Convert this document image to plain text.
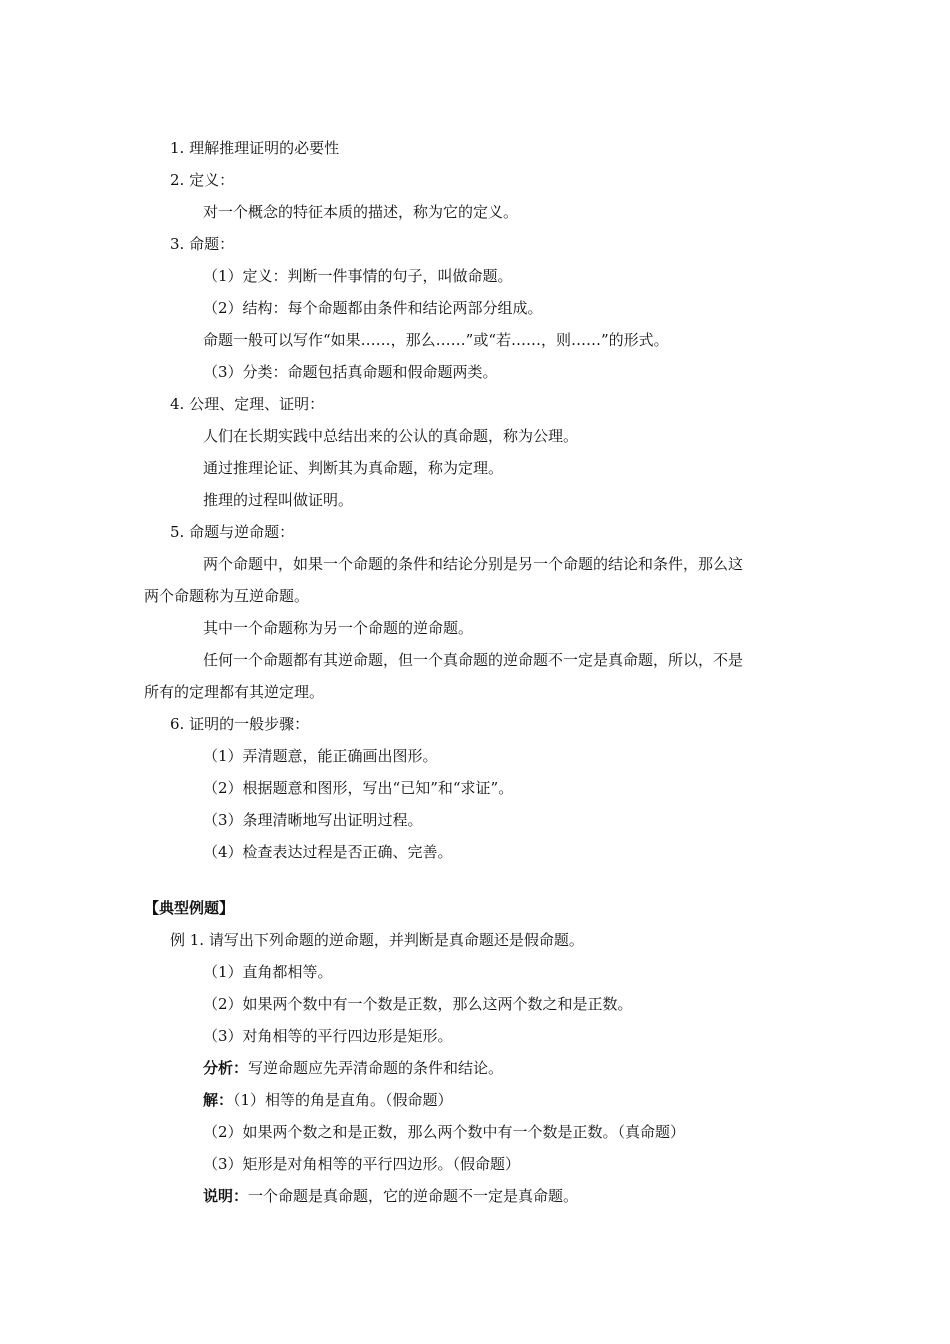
1. 理解推理证明的必要性
2. 定义：
对一个概念的特征本质的描述，称为它的定义。
3. 命题：
（1）定义：判断一件事情的句子，叫做命题。
（2）结构：每个命题都由条件和结论两部分组成。
命题一般可以写作“如果……，那么……”或“若……，则……”的形式。
（3）分类：命题包括真命题和假命题两类。
4. 公理、定理、证明：
人们在长期实践中总结出来的公认的真命题，称为公理。
通过推理论证、判断其为真命题，称为定理。
推理的过程叫做证明。
5. 命题与逆命题：
两个命题中，如果一个命题的条件和结论分别是另一个命题的结论和条件，那么这
两个命题称为互逆命题。
其中一个命题称为另一个命题的逆命题。
任何一个命题都有其逆命题，但一个真命题的逆命题不一定是真命题，所以，不是
所有的定理都有其逆定理。
6. 证明的一般步骤：
（1）弄清题意，能正确画出图形。
（2）根据题意和图形，写出“已知”和“求证”。
（3）条理清晰地写出证明过程。
（4）检查表达过程是否正确、完善。
【典型例题】
例 1. 请写出下列命题的逆命题，并判断是真命题还是假命题。
（1）直角都相等。
（2）如果两个数中有一个数是正数，那么这两个数之和是正数。
（3）对角相等的平行四边形是矩形。
分析：写逆命题应先弄清命题的条件和结论。
解：（1）相等的角是直角。（假命题）
（2）如果两个数之和是正数，那么两个数中有一个数是正数。（真命题）
（3）矩形是对角相等的平行四边形。（假命题）
说明：一个命题是真命题，它的逆命题不一定是真命题。
